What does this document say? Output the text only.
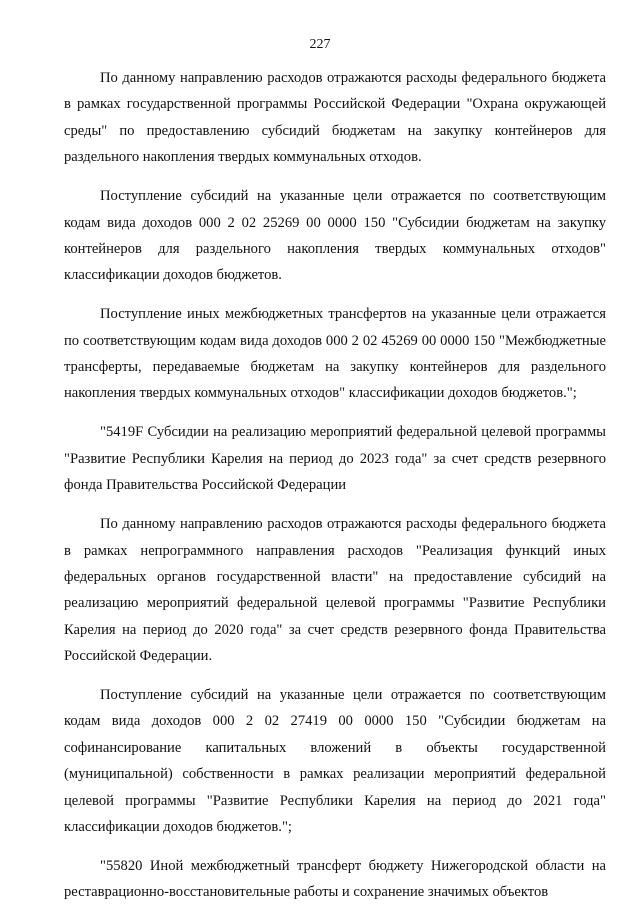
227

По данному направлению расходов отражаются расходы федерального бюджета в рамках государственной программы Российской Федерации "Охрана окружающей среды" по предоставлению субсидий бюджетам на закупку контейнеров для раздельного накопления твердых коммунальных отходов.

Поступление субсидий на указанные цели отражается по соответствующим кодам вида доходов 000 2 02 25269 00 0000 150 "Субсидии бюджетам на закупку контейнеров для раздельного накопления твердых коммунальных отходов" классификации доходов бюджетов.

Поступление иных межбюджетных трансфертов на указанные цели отражается по соответствующим кодам вида доходов 000 2 02 45269 00 0000 150 "Межбюджетные трансферты, передаваемые бюджетам на закупку контейнеров для раздельного накопления твердых коммунальных отходов" классификации доходов бюджетов.";

"5419F Субсидии на реализацию мероприятий федеральной целевой программы "Развитие Республики Карелия на период до 2023 года" за счет средств резервного фонда Правительства Российской Федерации

По данному направлению расходов отражаются расходы федерального бюджета в рамках непрограммного направления расходов "Реализация функций иных федеральных органов государственной власти" на предоставление субсидий на реализацию мероприятий федеральной целевой программы "Развитие Республики Карелия на период до 2020 года" за счет средств резервного фонда Правительства Российской Федерации.

Поступление субсидий на указанные цели отражается по соответствующим кодам вида доходов 000 2 02 27419 00 0000 150 "Субсидии бюджетам на софинансирование капитальных вложений в объекты государственной (муниципальной) собственности в рамках реализации мероприятий федеральной целевой программы "Развитие Республики Карелия на период до 2021 года" классификации доходов бюджетов.";

"55820 Иной межбюджетный трансферт бюджету Нижегородской области на реставрационно-восстановительные работы и сохранение значимых объектов
